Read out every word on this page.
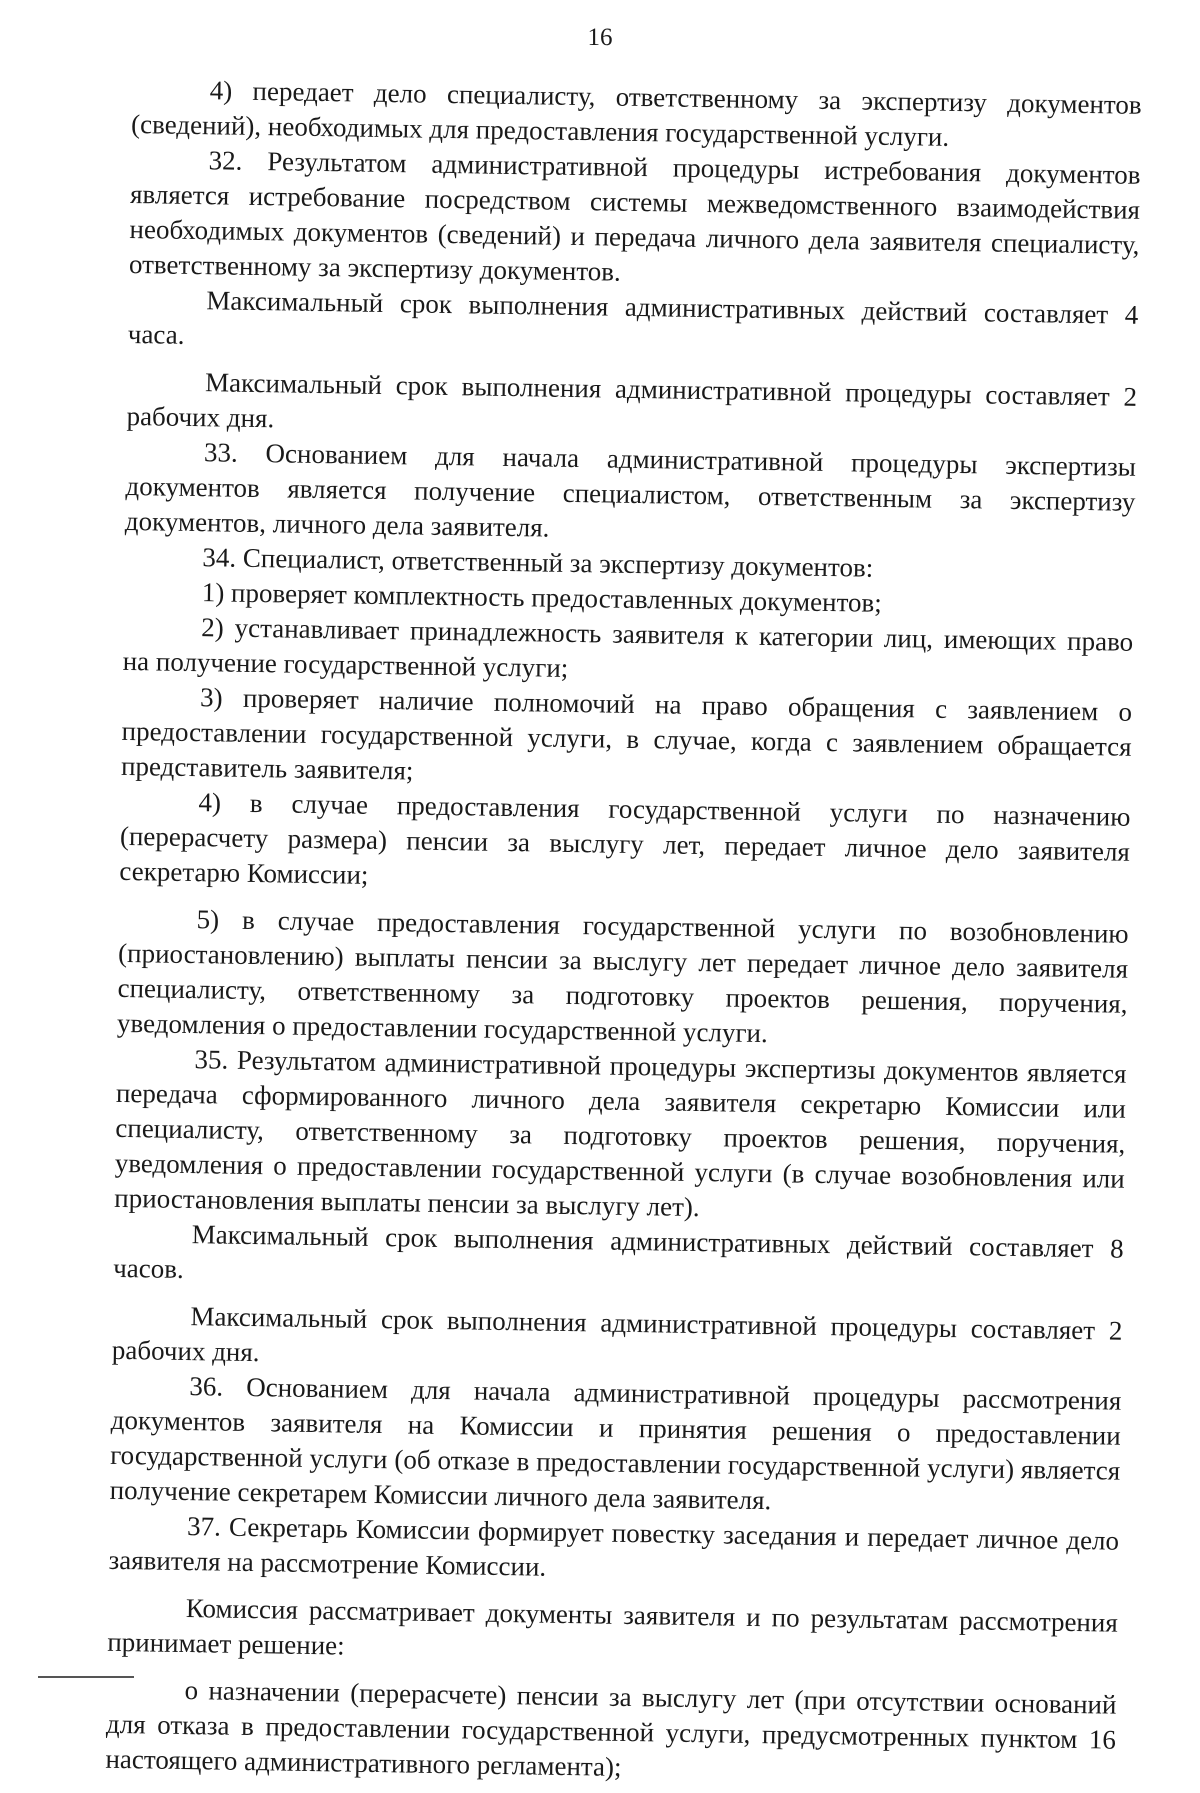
16

4) передает дело специалисту, ответственному за экспертизу документов (сведений), необходимых для предоставления государственной услуги.

32. Результатом административной процедуры истребования документов является истребование посредством системы межведомственного взаимодействия необходимых документов (сведений) и передача личного дела заявителя специалисту, ответственному за экспертизу документов.

Максимальный срок выполнения административных действий составляет 4 часа.

Максимальный срок выполнения административной процедуры составляет 2 рабочих дня.

33. Основанием для начала административной процедуры экспертизы документов является получение специалистом, ответственным за экспертизу документов, личного дела заявителя.

34. Специалист, ответственный за экспертизу документов:

1) проверяет комплектность предоставленных документов;

2) устанавливает принадлежность заявителя к категории лиц, имеющих право на получение государственной услуги;

3) проверяет наличие полномочий на право обращения с заявлением о предоставлении государственной услуги, в случае, когда с заявлением обращается представитель заявителя;

4) в случае предоставления государственной услуги по назначению (перерасчету размера) пенсии за выслугу лет, передает личное дело заявителя секретарю Комиссии;

5) в случае предоставления государственной услуги по возобновлению (приостановлению) выплаты пенсии за выслугу лет передает личное дело заявителя специалисту, ответственному за подготовку проектов решения, поручения, уведомления о предоставлении государственной услуги.

35. Результатом административной процедуры экспертизы документов является передача сформированного личного дела заявителя секретарю Комиссии или специалисту, ответственному за подготовку проектов решения, поручения, уведомления о предоставлении государственной услуги (в случае возобновления или приостановления выплаты пенсии за выслугу лет).

Максимальный срок выполнения административных действий составляет 8 часов.

Максимальный срок выполнения административной процедуры составляет 2 рабочих дня.

36. Основанием для начала административной процедуры рассмотрения документов заявителя на Комиссии и принятия решения о предоставлении государственной услуги (об отказе в предоставлении государственной услуги) является получение секретарем Комиссии личного дела заявителя.

37. Секретарь Комиссии формирует повестку заседания и передает личное дело заявителя на рассмотрение Комиссии.

Комиссия рассматривает документы заявителя и по результатам рассмотрения принимает решение:

о назначении (перерасчете) пенсии за выслугу лет (при отсутствии оснований для отказа в предоставлении государственной услуги, предусмотренных пунктом 16 настоящего административного регламента);
